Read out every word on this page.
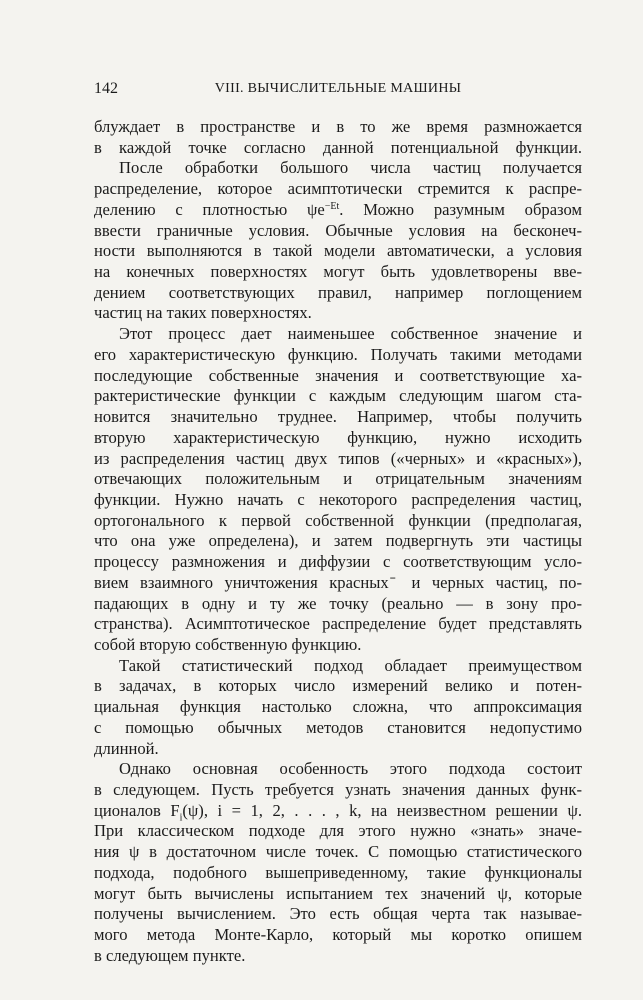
142	VIII. ВЫЧИСЛИТЕЛЬНЫЕ МАШИНЫ
блуждает в пространстве и в то же время размножается
в каждой точке согласно данной потенциальной функции.
После обработки большого числа частиц получается
распределение, которое асимптотически стремится к распре-
делению с плотностью $\psi e^{-Et}$. Можно разумным образом
ввести граничные условия. Обычные условия на бесконеч-
ности выполняются в такой модели автоматически, а условия
на конечных поверхностях могут быть удовлетворены вве-
дением соответствующих правил, например поглощением
частиц на таких поверхностях.
Этот процесс дает наименьшее собственное значение и
его характеристическую функцию. Получать такими методами
последующие собственные значения и соответствующие ха-
рактеристические функции с каждым следующим шагом ста-
новится значительно труднее. Например, чтобы получить
вторую характеристическую функцию, нужно исходить
из распределения частиц двух типов («черных» и «красных»),
отвечающих положительным и отрицательным значениям
функции. Нужно начать с некоторого распределения частиц,
ортогонального к первой собственной функции (предполагая,
что она уже определена), и затем подвергнуть эти частицы
процессу размножения и диффузии с соответствующим усло-
вием взаимного уничтожения красных ̄ и черных частиц, по-
падающих в одну и ту же точку (реально — в зону про-
странства). Асимптотическое распределение будет представлять
собой вторую собственную функцию.
Такой статистический подход обладает преимуществом
в задачах, в которых число измерений велико и потен-
циальная функция настолько сложна, что аппроксимация
с помощью обычных методов становится недопустимо
длинной.
Однако основная особенность этого подхода состоит
в следующем. Пусть требуется узнать значения данных функ-
ционалов $F_i(\psi)$, i = 1, 2, . . . , k, на неизвестном решении ψ.
При классическом подходе для этого нужно «знать» значе-
ния ψ в достаточном числе точек. С помощью статистического
подхода, подобного вышеприведенному, такие функционалы
могут быть вычислены испытанием тех значений ψ, которые
получены вычислением. Это есть общая черта так называе-
мого метода Монте-Карло, который мы коротко опишем
в следующем пункте.
